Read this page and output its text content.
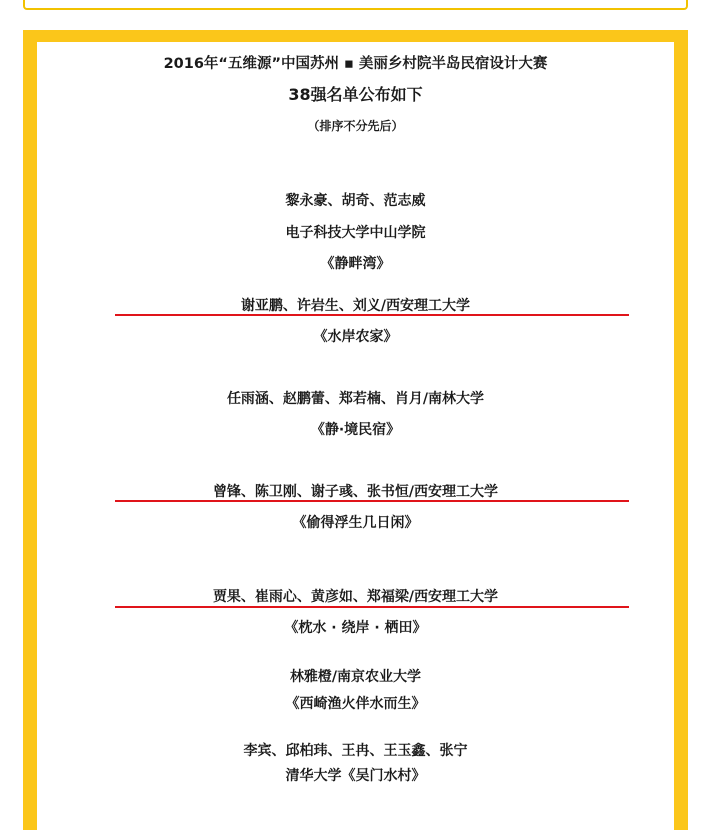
2016年“五维源”中国苏州 ▪ 美丽乡村院半岛民宿设计大赛
38强名单公布如下
（排序不分先后）
黎永豪、胡奇、范志威
电子科技大学中山学院
《静畔湾》
谢亚鹏、许岩生、刘义/西安理工大学
《水岸农家》
任雨涵、赵鹏蕾、郑若楠、肖月/南林大学
《静·境民宿》
曾锋、陈卫刚、谢子彧、张书恒/西安理工大学
《偷得浮生几日闲》
贾果、崔雨心、黄彦如、郑福梁/西安理工大学
《枕水 · 绕岸 · 栖田》
林雅橙/南京农业大学
《西崎渔火伴水而生》
李宾、邱柏玮、王冉、王玉鑫、张宁
清华大学《吴门水村》
